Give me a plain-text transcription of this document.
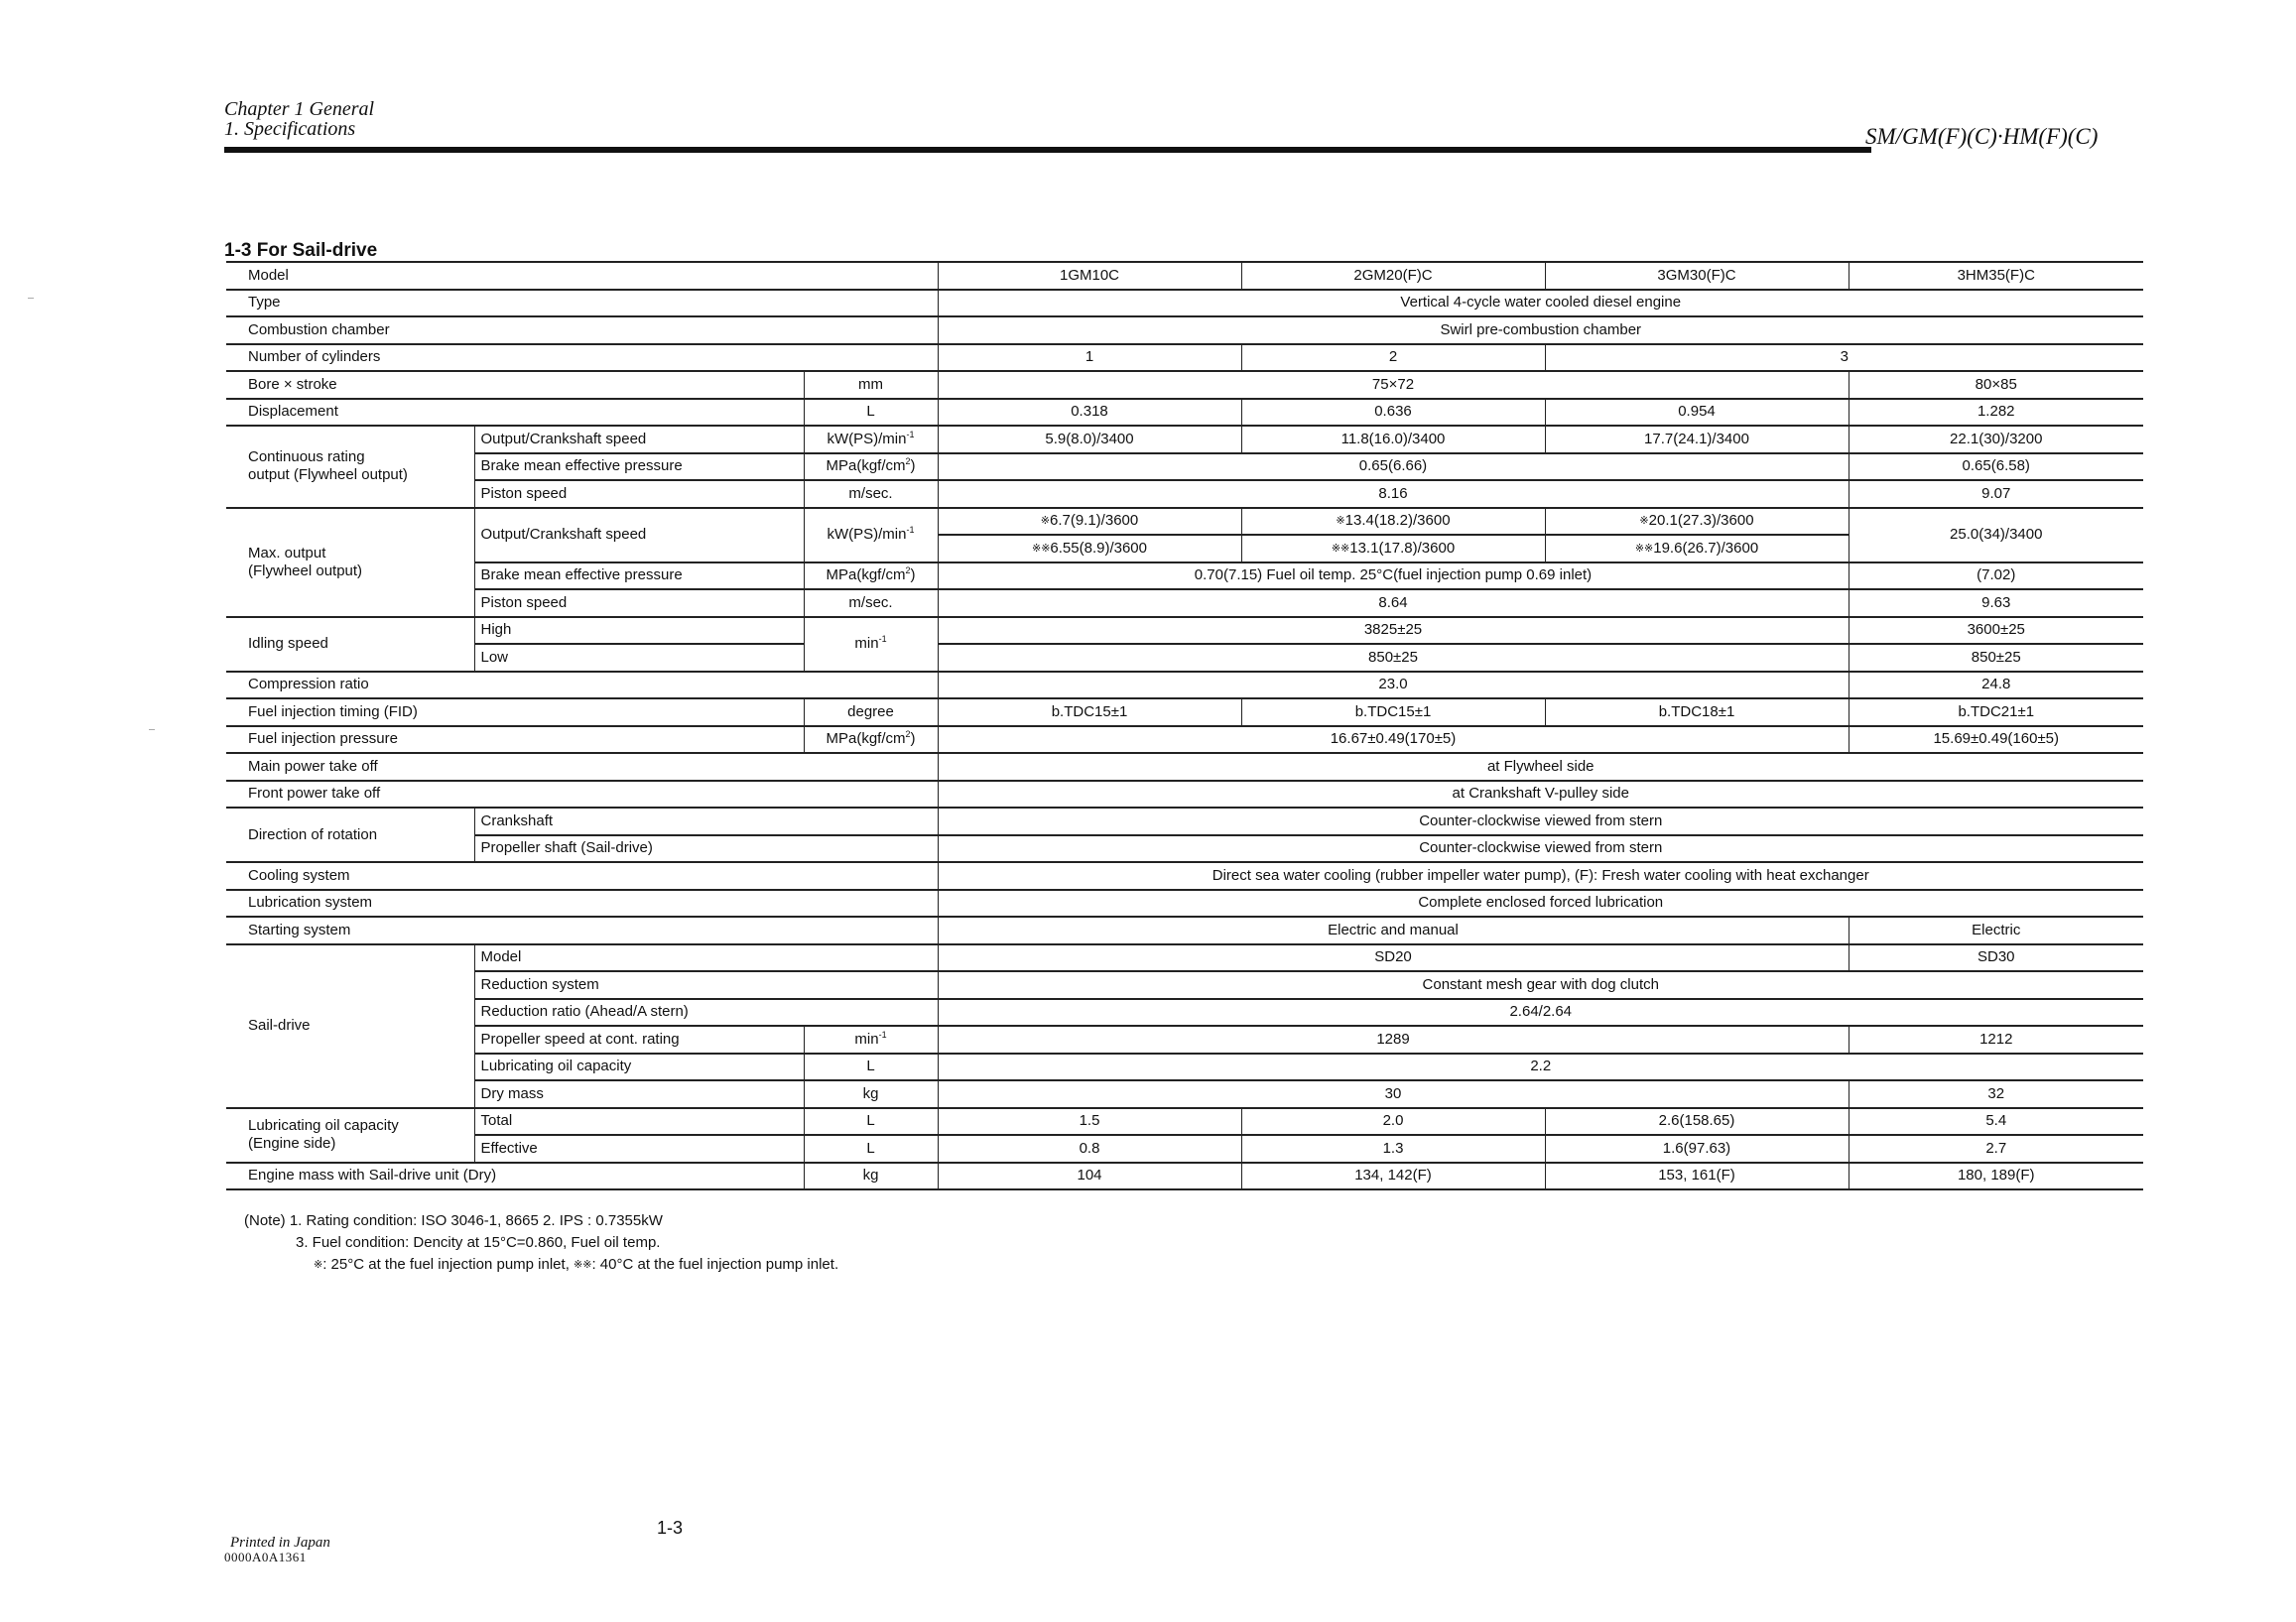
Chapter 1 General
1. Specifications	SM/GM(F)(C)·HM(F)(C)
1-3 For Sail-drive
Model			1GM10C	2GM20(F)C	3GM30(F)C	3HM35(F)C
Type			Vertical 4-cycle water cooled diesel engine			
Combustion chamber			Swirl pre-combustion chamber			
Number of cylinders			1	2	3	
Bore × stroke		mm	75×72			80×85
Displacement		L	0.318	0.636	0.954	1.282

Continuous rating
output (Flywheel output)	Output/Crankshaft speed	$kW(PS)/\min^{-1}$	5.9(8.0)/3400	11.8(16.0)/3400	17.7(24.1)/3400	22.1(30)/3200
	Brake mean effective pressure	$MPa(kgf/cm^2)$	0.65(6.66)			0.65(6.58)
	Piston speed	m/sec.	8.16			9.07

Max. output
(Flywheel output)	Output/Crankshaft speed	$kW(PS)/\min^{-1}$	※6.7(9.1)/3600	※13.4(18.2)/3600	※20.1(27.3)/3600	25.0(34)/3400
			※※6.55(8.9)/3600	※※13.1(17.8)/3600	※※19.6(26.7)/3600	
	Brake mean effective pressure	$MPa(kgf/cm^2)$	0.70(7.15) Fuel oil temp. 25°C(fuel injection pump 0.69 inlet)			(7.02)
	Piston speed	m/sec.	8.64			9.63
Idling speed	High	$\min^{-1}$	3825±25			3600±25
	Low		850±25			850±25
Compression ratio			23.0			24.8
Fuel injection timing (FID)		degree	b.TDC15±1	b.TDC15±1	b.TDC18±1	b.TDC21±1
Fuel injection pressure		$MPa(kgf/cm^2)$	16.67±0.49(170±5)			15.69±0.49(160±5)
Main power take off			at Flywheel side			
Front power take off			at Crankshaft V-pulley side			
Direction of rotation	Crankshaft		Counter-clockwise viewed from stern			
	Propeller shaft (Sail-drive)		Counter-clockwise viewed from stern			
Cooling system			Direct sea water cooling (rubber impeller water pump), (F): Fresh water cooling with heat exchanger			
Lubrication system			Complete enclosed forced lubrication			
Starting system			Electric and manual			Electric
Sail-drive	Model		SD20			SD30
	Reduction system		Constant mesh gear with dog clutch			
	Reduction ratio (Ahead/A stern)		2.64/2.64			
	Propeller speed at cont. rating	$\min^{-1}$	1289			1212
	Lubricating oil capacity	L	2.2			
	Dry mass	kg	30			32

Lubricating oil capacity
(Engine side)	Total	L	1.5	2.0	2.6(158.65)	5.4
	Effective	L	0.8	1.3	1.6(97.63)	2.7
Engine mass with Sail-drive unit (Dry)		kg	104	134, 142(F)	153, 161(F)	180, 189(F)
(Note) 1. Rating condition: ISO 3046-1, 8665 2. IPS : 0.7355kW
3. Fuel condition: Dencity at 15°C=0.860, Fuel oil temp.
※: 25°C at the fuel injection pump inlet, ※※: 40°C at the fuel injection pump inlet.
1-3
Printed in Japan
0000A0A1361
